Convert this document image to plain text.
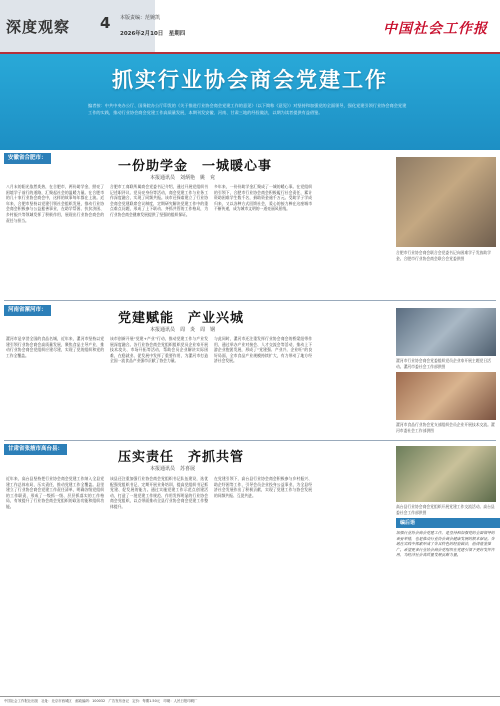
深度观察 4 本版责编：范婉凯
2026年2月10日　星期四	中国社会工作报
抓实行业协会商会党建工作
编者按：中共中央办公厅、国务院办公厅印发的《关于推进行业协会商会党建工作的意见》（以下简称《意见》）对坚持和加强党的全面领导，强化党建引领行业协会商会党建工作的实践，推动行业协会商会党建工作高质量发展，本期刊发安徽、河南、甘肃三地的经验做法，以期为读者提供有益借鉴。
安徽省合肥市：
一份助学金　一城暖心事
本报通讯员　刘炳艳　姚　兖
八月末的阳光依然炙热，在合肥市，两份助学金，照亮了困境学子前行的道路，汇聚起社会的温暖力量。在合肥市的几十家行业协会商会中，这样的故事每年都在上演。近年来，合肥市坚持以党建引领社会组织发展，推动行业协会商会积极参与公益慈善事业，在助学帮困、扶贫济困、乡村振兴等领域发挥了积极作用，展现出行业协会商会的责任与担当。
合肥市工商联所属商会党委书记介绍，通过开展党组织书记述职评议、党员亮身份等活动，商会党建工作与业务工作深度融合，实现了同频共振。该市还探索建立了行业协会商会党建联席会议制度，定期研究解决党建工作中的重点难点问题，形成了上下联动、齐抓共管的工作格局，为行业协会商会健康发展提供了坚强的组织保证。
多年来，一份份助学金汇聚成了一城的暖心事。在党组织的引领下，合肥市行业协会商会积极履行社会责任，累计资助困难学生数千名，捐助资金逾千万元。受助学子学成归来，又以各种方式回馈社会，爱心的接力棒在这座城市不断传递，成为城市文明的一道亮丽风景线。
合肥市行业协会商会联合会党委书记向困难学子发放助学金。合肥市行业协会商会联合会党委供图
河南省漯河市：
党建赋能　产业兴城
本报通讯员　周　炎　周　钢
漯河市是享誉全国的食品名城，近年来，漯河市坚持以党建引领行业协会商会高质量发展，聚焦食品主导产业，推动行业协会商会党组织应建尽建，实现了党的组织和党的工作全覆盖。
该市创新开展“党建+产业”行动，推动党建工作与产业发展深度融合。各行业协会商会党组织组织党员企业家开展技术攻关、市场开拓等活动，帮助会员企业解决实际困难，在稳就业、促发展中发挥了重要作用，为漯河市打造全国一流食品产业强市贡献了协会力量。
与此同时，漯河市还注重发挥行业协会商会的桥梁纽带作用，通过举办产业对接会、人才交流会等活动，推动上下游企业抱团发展，形成了“党建强、产业兴、企业旺”的良好局面，全市食品产业规模持续扩大，有力带动了地方经济社会发展。	漯河市行业协会商会党委组织党员企业家开展主题党日活动。漯河市委社会工作部供图
漯河市食品行业协会党支部组织会员企业开展技术交流。漯河市委社会工作部供图
甘肃省张掖市高台县：
压实责任　齐抓共管
本报通讯员　苏喜展
近年来，高台县坚持把行业协会商会党建工作纳入全县党建工作总体布局，压实责任，推动党建工作全覆盖。县里建立了行业协会商会党建工作责任清单，明确各级党组织的工作职责，形成了一级抓一级、层层抓落实的工作格局，有效提升了行业协会商会党组织的政治功能和组织功能。
该县还注重加强行业协会商会党组织书记队伍建设，选优配强党组织书记，定期开展业务培训，提高党组织书记抓党建、促发展的能力。通过实施党建工作示范点创建活动，打造了一批党建工作规范、作用发挥明显的行业协会商会党组织，以点带面推动全县行业协会商会党建工作整体提升。
在党建引领下，高台县行业协会商会积极参与乡村振兴、助企纾困等工作，引导会员企业投身公益事业，为全县经济社会发展作出了积极贡献，实现了党建工作与协会发展的同频共振、互促共进。
高台县行业协会商会党组织开展党建工作交流活动。高台县委社会工作部供图
编后语
加强行业协会商会党建工作，是坚持和加强党的全面领导的重要举措，也是推动行业协会商会健康发展的根本保证。各地在实践中探索形成了各具特色的经验做法，值得借鉴推广。希望更多行业协会商会党组织在党建引领下更好发挥作用，为经济社会高质量发展贡献力量。
中国社会工作报社出版　社址：北京市西城区　邮政编码：100032　广告发布登记　定价：每期1.50元　印刷：人民日报印刷厂
